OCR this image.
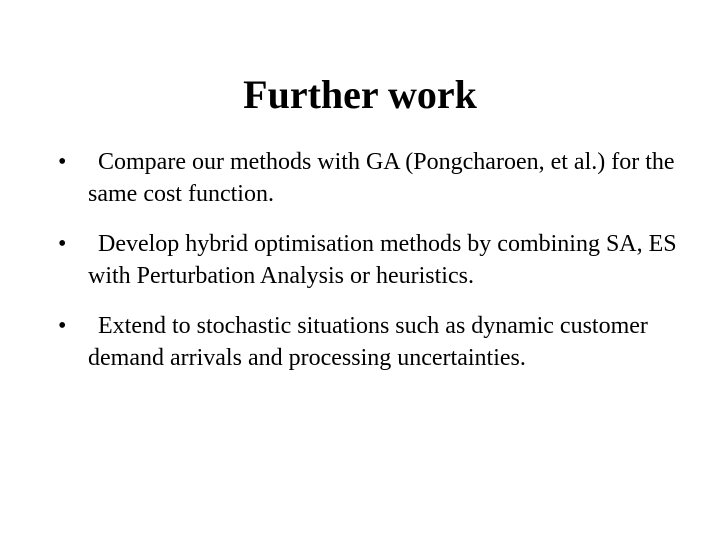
Further work
•	Compare our methods with GA (Pongcharoen, et al.) for the same cost function.
•	Develop hybrid optimisation methods by combining SA, ES with Perturbation Analysis or heuristics.
•	Extend to stochastic situations such as dynamic customer demand arrivals and processing uncertainties.
